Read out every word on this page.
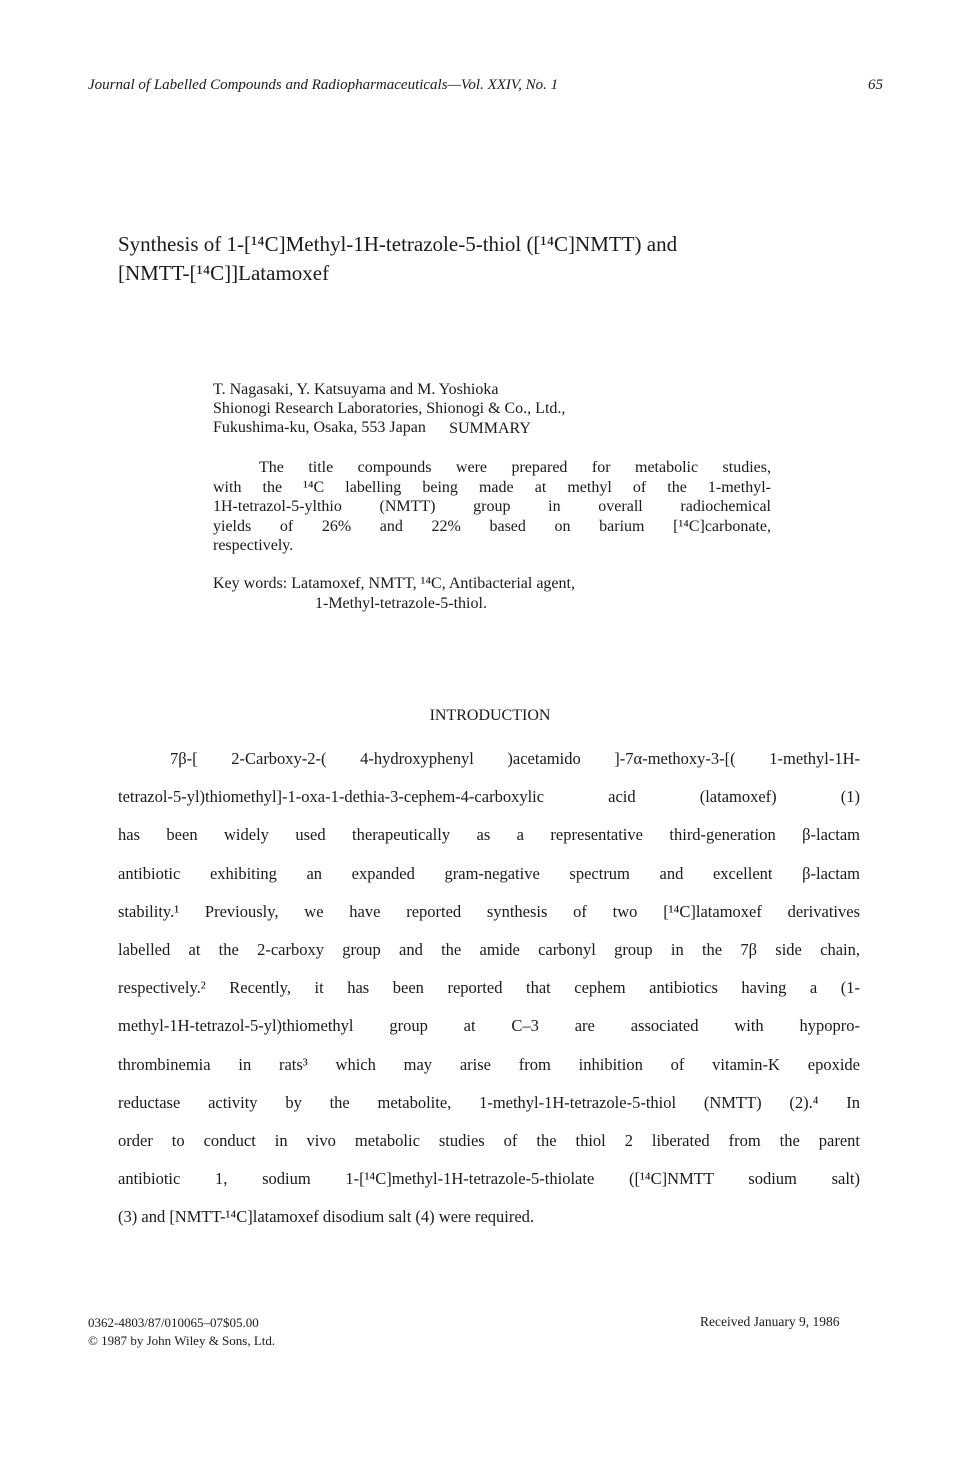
Journal of Labelled Compounds and Radiopharmaceuticals—Vol. XXIV, No. 1	65
Synthesis of 1-[¹⁴C]Methyl-1H-tetrazole-5-thiol ([¹⁴C]NMTT) and
[NMTT-[¹⁴C]]Latamoxef
T. Nagasaki, Y. Katsuyama and M. Yoshioka
Shionogi Research Laboratories, Shionogi & Co., Ltd.,
Fukushima-ku, Osaka, 553 Japan	SUMMARY
The title compounds were prepared for metabolic studies,
with the ¹⁴C labelling being made at methyl of the 1-methyl-
1H-tetrazol-5-ylthio (NMTT) group in overall radiochemical
yields of 26% and 22% based on barium [¹⁴C]carbonate,
respectively.
Key words: Latamoxef, NMTT, ¹⁴C, Antibacterial agent,
1-Methyl-tetrazole-5-thiol.
INTRODUCTION
7β-[ 2-Carboxy-2-( 4-hydroxyphenyl )acetamido ]-7α-methoxy-3-[( 1-methyl-1H-
tetrazol-5-yl)thiomethyl]-1-oxa-1-dethia-3-cephem-4-carboxylic acid (latamoxef) (1)
has been widely used therapeutically as a representative third-generation β-lactam
antibiotic exhibiting an expanded gram-negative spectrum and excellent β-lactam
stability.¹ Previously, we have reported synthesis of two [¹⁴C]latamoxef derivatives
labelled at the 2-carboxy group and the amide carbonyl group in the 7β side chain,
respectively.² Recently, it has been reported that cephem antibiotics having a (1-
methyl-1H-tetrazol-5-yl)thiomethyl group at C–3 are associated with hypopro-
thrombinemia in rats³ which may arise from inhibition of vitamin-K epoxide
reductase activity by the metabolite, 1-methyl-1H-tetrazole-5-thiol (NMTT) (2).⁴ In
order to conduct in vivo metabolic studies of the thiol 2 liberated from the parent
antibiotic 1, sodium 1-[¹⁴C]methyl-1H-tetrazole-5-thiolate ([¹⁴C]NMTT sodium salt)
(3) and [NMTT-¹⁴C]latamoxef disodium salt (4) were required.
0362-4803/87/010065–07$05.00
© 1987 by John Wiley & Sons, Ltd.
Received January 9, 1986
